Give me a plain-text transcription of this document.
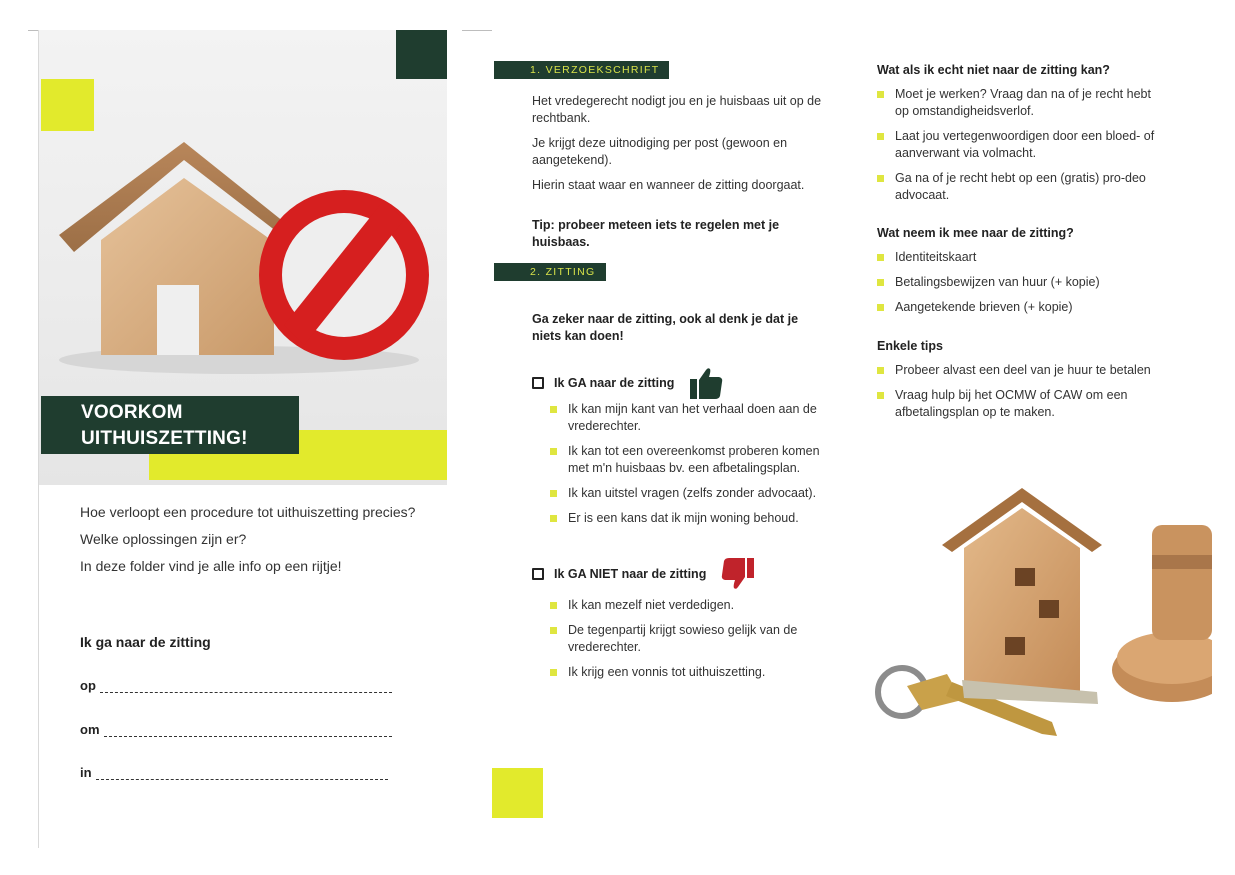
VOORKOM
UITHUISZETTING!

Hoe verloopt een procedure tot uithuiszetting precies?

Welke oplossingen zijn er?

In deze folder vind je alle info op een rijtje!

Ik ga naar de zitting
op
om
in
1. VERZOEKSCHRIFT

Het vredegerecht nodigt jou en je huisbaas uit op de rechtbank.

Je krijgt deze uitnodiging per post (gewoon en aangetekend).

Hierin staat waar en wanneer de zitting doorgaat.

Tip: probeer meteen iets te regelen met je huisbaas.
2. ZITTING
Ga zeker naar de zitting, ook al denk je dat je niets kan doen!
Ik GA naar de zitting
Ik kan mijn kant van het verhaal doen aan de vrederechter.
Ik kan tot een overeenkomst proberen komen met m'n huisbaas bv. een afbetalingsplan.
Ik kan uitstel vragen (zelfs zonder advocaat).
Er is een kans dat ik mijn woning behoud.
Ik GA NIET naar de zitting
Ik kan mezelf niet verdedigen.
De tegenpartij krijgt sowieso gelijk van de vrederechter.
Ik krijg een vonnis tot uithuiszetting.
Wat als ik echt niet naar de zitting kan?
Moet je werken? Vraag dan na of je recht hebt op omstandigheidsverlof.
Laat jou vertegenwoordigen door een bloed- of aanverwant via volmacht.
Ga na of je recht hebt op een (gratis) pro-deo advocaat.
Wat neem ik mee naar de zitting?
Identiteitskaart
Betalingsbewijzen van huur (+ kopie)
Aangetekende brieven (+ kopie)
Enkele tips
Probeer alvast een deel van je huur te betalen
Vraag hulp bij het OCMW of CAW om een afbetalingsplan op te maken.
